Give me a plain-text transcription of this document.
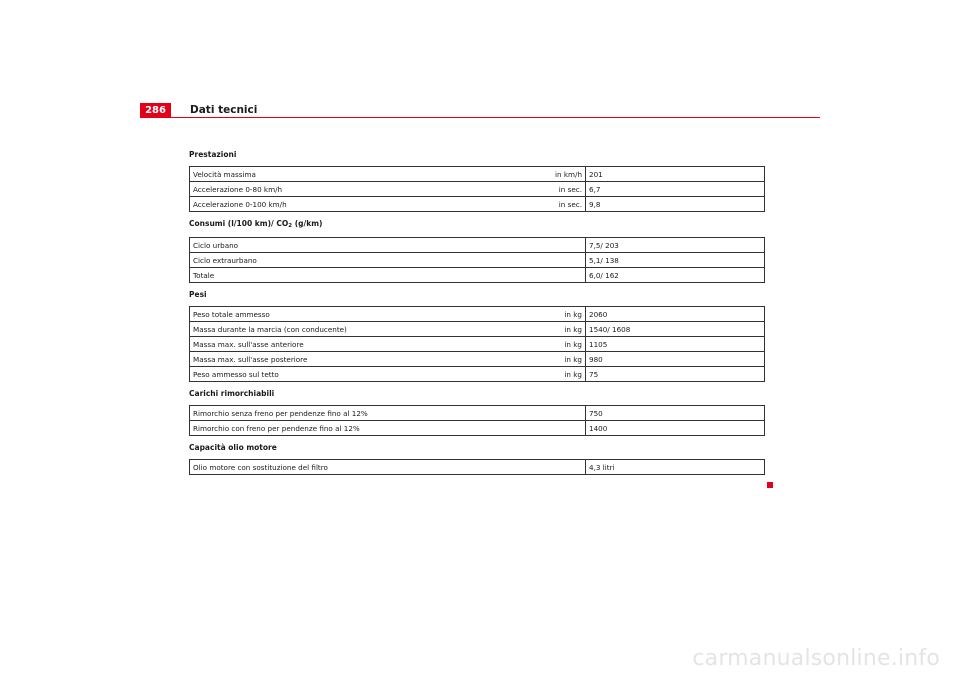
286	Dati tecnici

Prestazioni

Velocità massima	in km/h	201
Accelerazione 0-80 km/h	in sec.	6,7
Accelerazione 0-100 km/h	in sec.	9,8

Consumi (l/100 km)/ $CO_2$ (g/km)

Ciclo urbano		7,5/ 203
Ciclo extraurbano		5,1/ 138
Totale		6,0/ 162

Pesi

Peso totale ammesso	in kg	2060
Massa durante la marcia (con conducente)	in kg	1540/ 1608
Massa max. sull'asse anteriore	in kg	1105
Massa max. sull'asse posteriore	in kg	980
Peso ammesso sul tetto	in kg	75

Carichi rimorchiabili

Rimorchio senza freno per pendenze fino al 12%		750
Rimorchio con freno per pendenze fino al 12%		1400

Capacità olio motore

Olio motore con sostituzione del filtro		4,3 litri
carmanualsonline.info
